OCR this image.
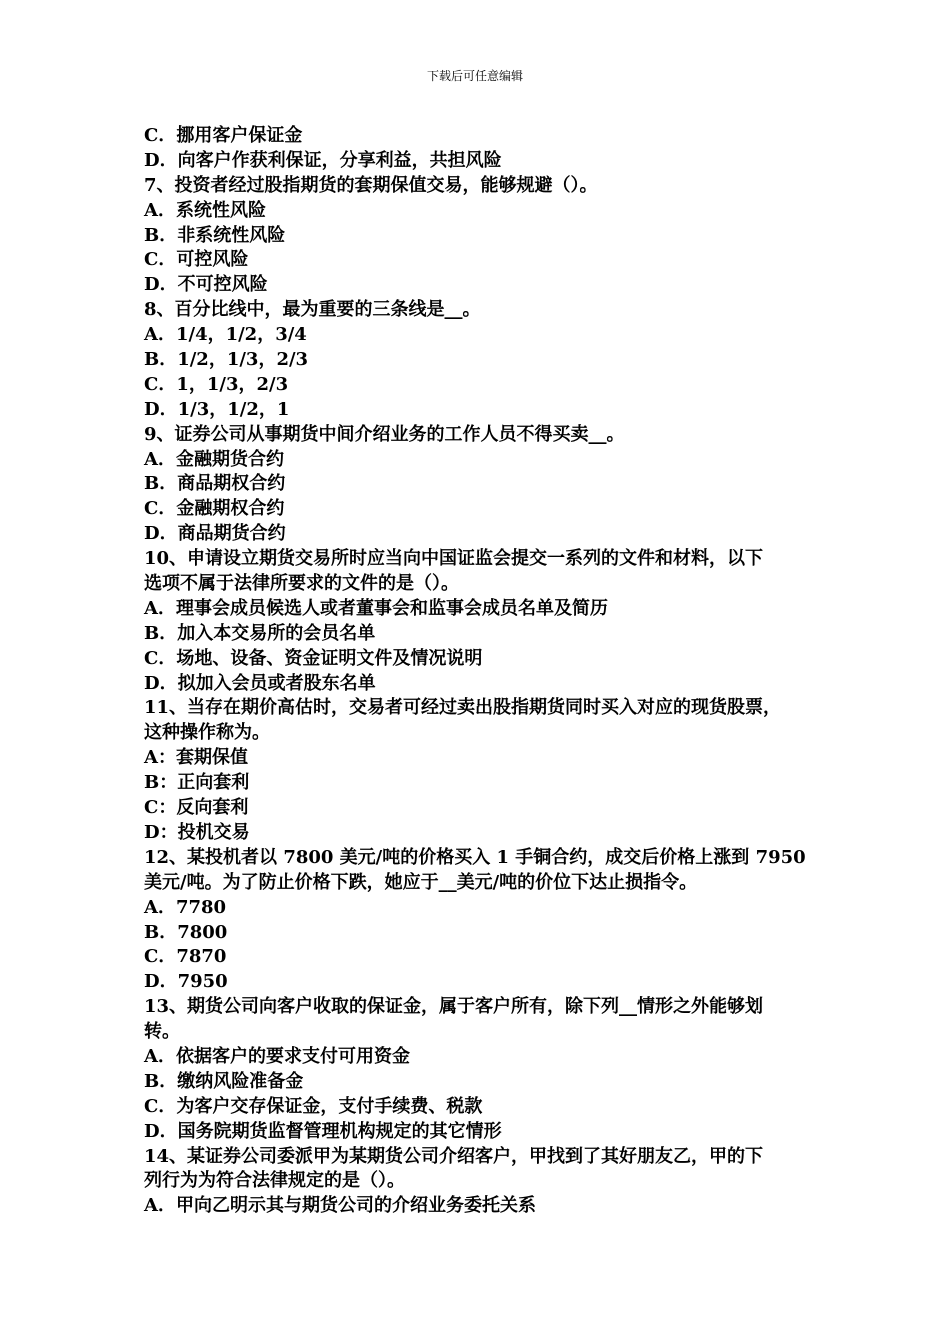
下载后可任意编辑
C．挪用客户保证金
D．向客户作获利保证，分享利益，共担风险
7、投资者经过股指期货的套期保值交易，能够规避（）。
A．系统性风险
B．非系统性风险
C．可控风险
D．不可控风险
8、百分比线中，最为重要的三条线是__。
A．1/4，1/2，3/4
B．1/2，1/3，2/3
C．1，1/3，2/3
D．1/3，1/2，1
9、证券公司从事期货中间介绍业务的工作人员不得买卖__。
A．金融期货合约
B．商品期权合约
C．金融期权合约
D．商品期货合约
10、申请设立期货交易所时应当向中国证监会提交一系列的文件和材料，以下
选项不属于法律所要求的文件的是（）。
A．理事会成员候选人或者董事会和监事会成员名单及简历
B．加入本交易所的会员名单
C．场地、设备、资金证明文件及情况说明
D．拟加入会员或者股东名单
11、当存在期价高估时，交易者可经过卖出股指期货同时买入对应的现货股票，
这种操作称为。
A：套期保值
B：正向套利
C：反向套利
D：投机交易
12、某投机者以 7800 美元/吨的价格买入 1 手铜合约，成交后价格上涨到 7950
美元/吨。为了防止价格下跌，她应于__美元/吨的价位下达止损指令。
A．7780
B．7800
C．7870
D．7950
13、期货公司向客户收取的保证金，属于客户所有，除下列__情形之外能够划
转。
A．依据客户的要求支付可用资金
B．缴纳风险准备金
C．为客户交存保证金，支付手续费、税款
D．国务院期货监督管理机构规定的其它情形
14、某证券公司委派甲为某期货公司介绍客户，甲找到了其好朋友乙，甲的下
列行为为符合法律规定的是（）。
A．甲向乙明示其与期货公司的介绍业务委托关系
